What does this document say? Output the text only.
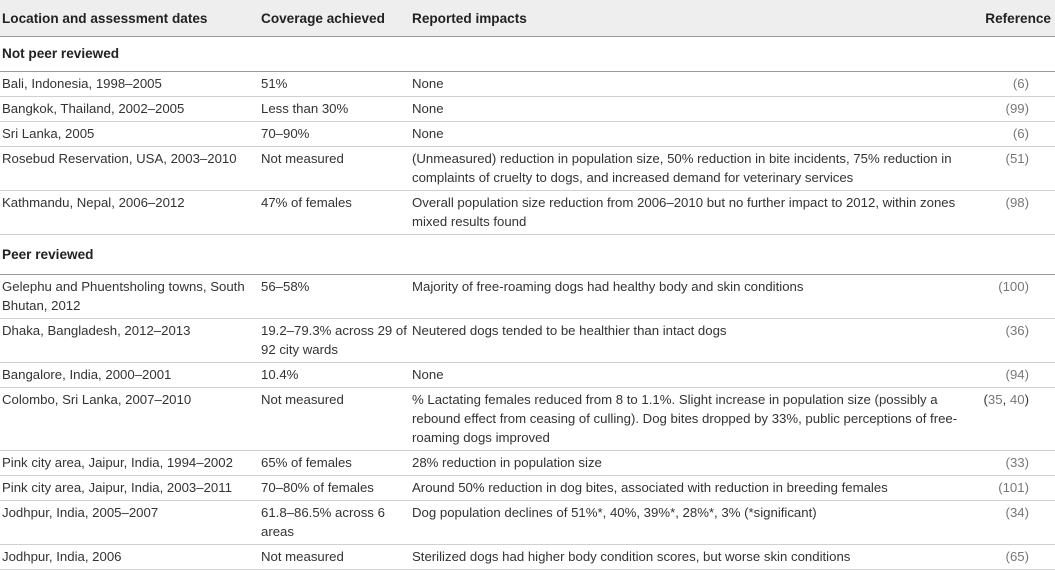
Location and assessment dates	Coverage achieved	Reported impacts	Reference
Not peer reviewed			
Bali, Indonesia, 1998–2005	51%	None	(6)
Bangkok, Thailand, 2002–2005	Less than 30%	None	(99)
Sri Lanka, 2005	70–90%	None	(6)
Rosebud Reservation, USA, 2003–2010	Not measured	(Unmeasured) reduction in population size, 50% reduction in bite incidents, 75% reduction in complaints of cruelty to dogs, and increased demand for veterinary services	(51)
Kathmandu, Nepal, 2006–2012	47% of females	Overall population size reduction from 2006–2010 but no further impact to 2012, within zones mixed results found	(98)
Peer reviewed			
Gelephu and Phuentsholing towns, South Bhutan, 2012	56–58%	Majority of free-roaming dogs had healthy body and skin conditions	(100)
Dhaka, Bangladesh, 2012–2013	19.2–79.3% across 29 of 92 city wards	Neutered dogs tended to be healthier than intact dogs	(36)
Bangalore, India, 2000–2001	10.4%	None	(94)
Colombo, Sri Lanka, 2007–2010	Not measured	% Lactating females reduced from 8 to 1.1%. Slight increase in population size (possibly a rebound effect from ceasing of culling). Dog bites dropped by 33%, public perceptions of free-roaming dogs improved	(35, 40)
Pink city area, Jaipur, India, 1994–2002	65% of females	28% reduction in population size	(33)
Pink city area, Jaipur, India, 2003–2011	70–80% of females	Around 50% reduction in dog bites, associated with reduction in breeding females	(101)
Jodhpur, India, 2005–2007	61.8–86.5% across 6 areas	Dog population declines of 51%*, 40%, 39%*, 28%*, 3% (*significant)	(34)
Jodhpur, India, 2006	Not measured	Sterilized dogs had higher body condition scores, but worse skin conditions	(65)
